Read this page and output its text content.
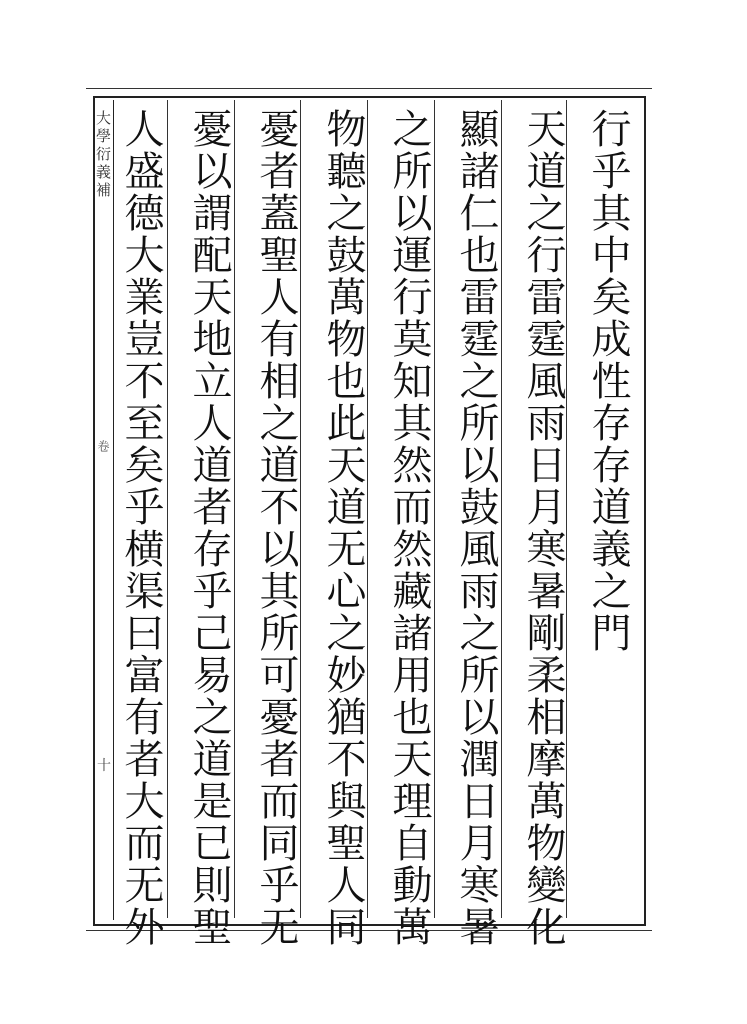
大學衍義補
卷
十
行乎其中矣成性存存道義之門
天道之行雷霆風雨日月寒暑剛柔相摩萬物變化
顯諸仁也雷霆之所以鼓風雨之所以潤日月寒暑
之所以運行莫知其然而然藏諸用也天理自動萬
物聽之鼓萬物也此天道无心之妙猶不與聖人同
憂者蓋聖人有相之道不以其所可憂者而同乎无
憂以謂配天地立人道者存乎己易之道是已則聖
人盛德大業豈不至矣乎横渠曰富有者大而无外
